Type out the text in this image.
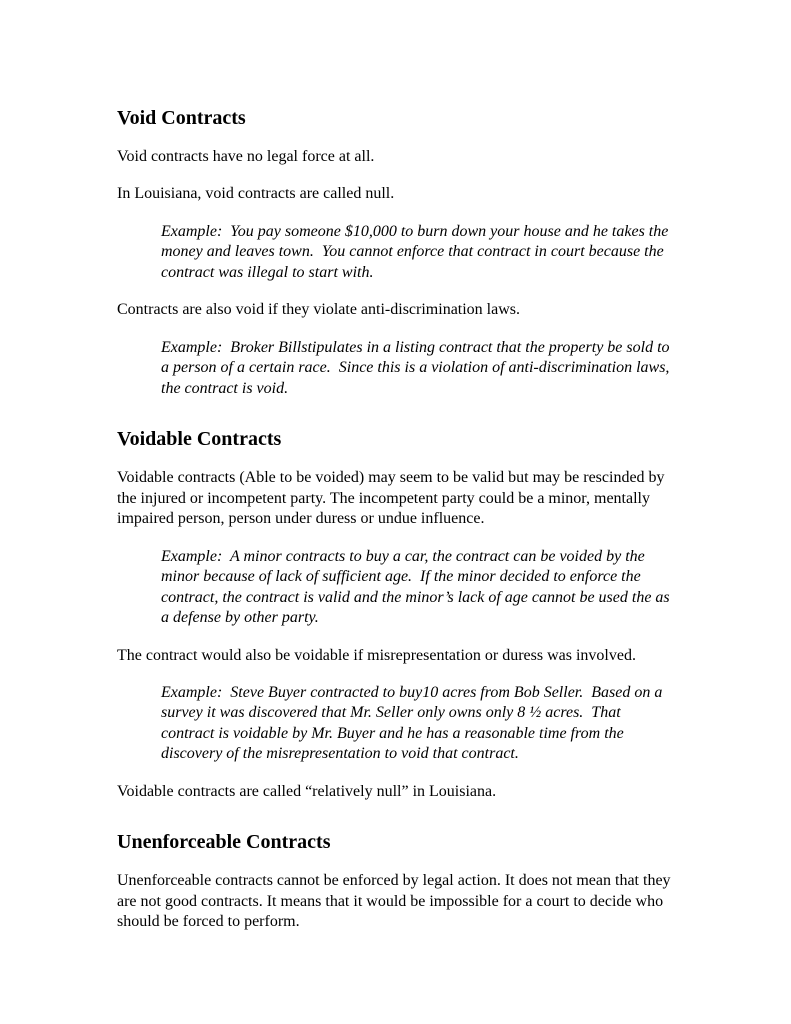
Void Contracts

Void contracts have no legal force at all.

In Louisiana, void contracts are called null.

Example:  You pay someone $10,000 to burn down your house and he takes the money and leaves town.  You cannot enforce that contract in court because the contract was illegal to start with.

Contracts are also void if they violate anti-discrimination laws.

Example:  Broker Billstipulates in a listing contract that the property be sold to a person of a certain race.  Since this is a violation of anti-discrimination laws, the contract is void.

Voidable Contracts

Voidable contracts (Able to be voided) may seem to be valid but may be rescinded by the injured or incompetent party. The incompetent party could be a minor, mentally impaired person, person under duress or undue influence.

Example:  A minor contracts to buy a car, the contract can be voided by the minor because of lack of sufficient age.  If the minor decided to enforce the contract, the contract is valid and the minor’s lack of age cannot be used the as a defense by other party.

The contract would also be voidable if misrepresentation or duress was involved.

Example:  Steve Buyer contracted to buy10 acres from Bob Seller.  Based on a survey it was discovered that Mr. Seller only owns only 8 ½ acres.  That contract is voidable by Mr. Buyer and he has a reasonable time from the discovery of the misrepresentation to void that contract.

Voidable contracts are called “relatively null” in Louisiana.

Unenforceable Contracts

Unenforceable contracts cannot be enforced by legal action. It does not mean that they are not good contracts. It means that it would be impossible for a court to decide who should be forced to perform.
